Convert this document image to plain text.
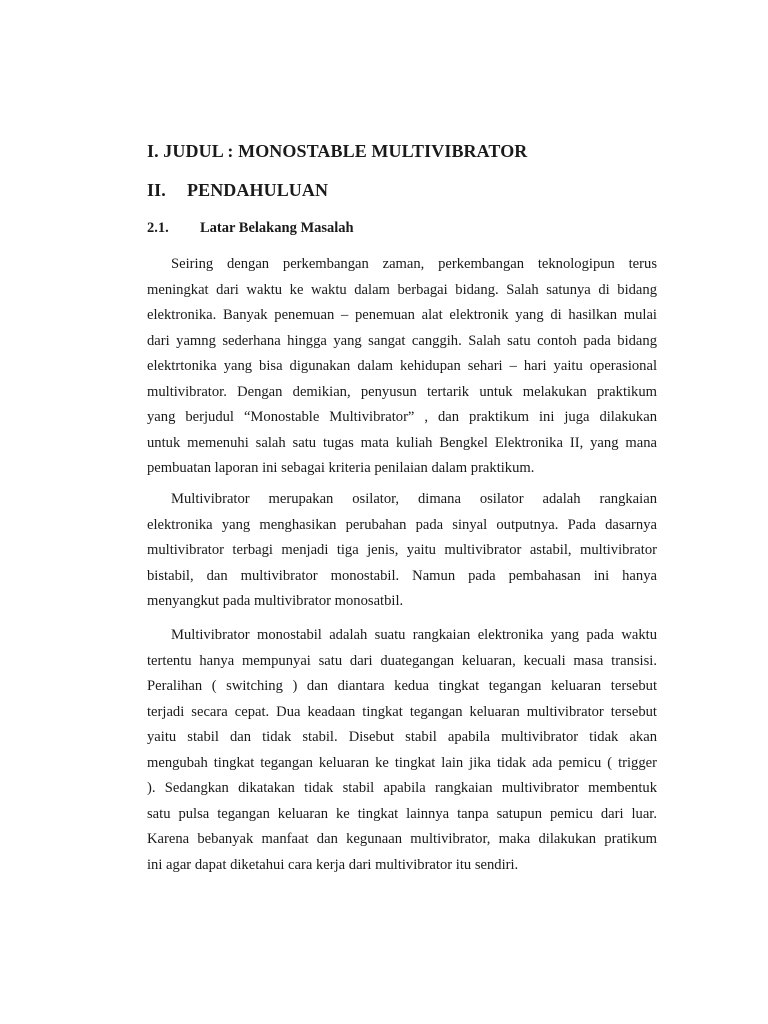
I. JUDUL : MONOSTABLE MULTIVIBRATOR
II. PENDAHULUAN
2.1. Latar Belakang Masalah

Seiring dengan perkembangan zaman, perkembangan teknologipun terus
meningkat dari waktu ke waktu dalam berbagai bidang. Salah satunya di bidang
elektronika. Banyak penemuan – penemuan alat elektronik yang di hasilkan mulai
dari yamng sederhana hingga yang sangat canggih. Salah satu contoh pada bidang
elektrtonika yang bisa digunakan dalam kehidupan sehari – hari yaitu operasional
multivibrator. Dengan demikian, penyusun tertarik untuk melakukan praktikum
yang berjudul “Monostable Multivibrator” , dan praktikum ini juga dilakukan
untuk memenuhi salah satu tugas mata kuliah Bengkel Elektronika II, yang mana
pembuatan laporan ini sebagai kriteria penilaian dalam praktikum.

Multivibrator merupakan osilator, dimana osilator adalah rangkaian
elektronika yang menghasikan perubahan pada sinyal outputnya. Pada dasarnya
multivibrator terbagi menjadi tiga jenis, yaitu multivibrator astabil, multivibrator
bistabil, dan multivibrator monostabil. Namun pada pembahasan ini hanya
menyangkut pada multivibrator monosatbil.

Multivibrator monostabil adalah suatu rangkaian elektronika yang pada waktu
tertentu hanya mempunyai satu dari duategangan keluaran, kecuali masa transisi.
Peralihan ( switching ) dan diantara kedua tingkat tegangan keluaran tersebut
terjadi secara cepat. Dua keadaan tingkat tegangan keluaran multivibrator tersebut
yaitu stabil dan tidak stabil. Disebut stabil apabila multivibrator tidak akan
mengubah tingkat tegangan keluaran ke tingkat lain jika tidak ada pemicu ( trigger
). Sedangkan dikatakan tidak stabil apabila rangkaian multivibrator membentuk
satu pulsa tegangan keluaran ke tingkat lainnya tanpa satupun pemicu dari luar.
Karena bebanyak manfaat dan kegunaan multivibrator, maka dilakukan pratikum
ini agar dapat diketahui cara kerja dari multivibrator itu sendiri.
